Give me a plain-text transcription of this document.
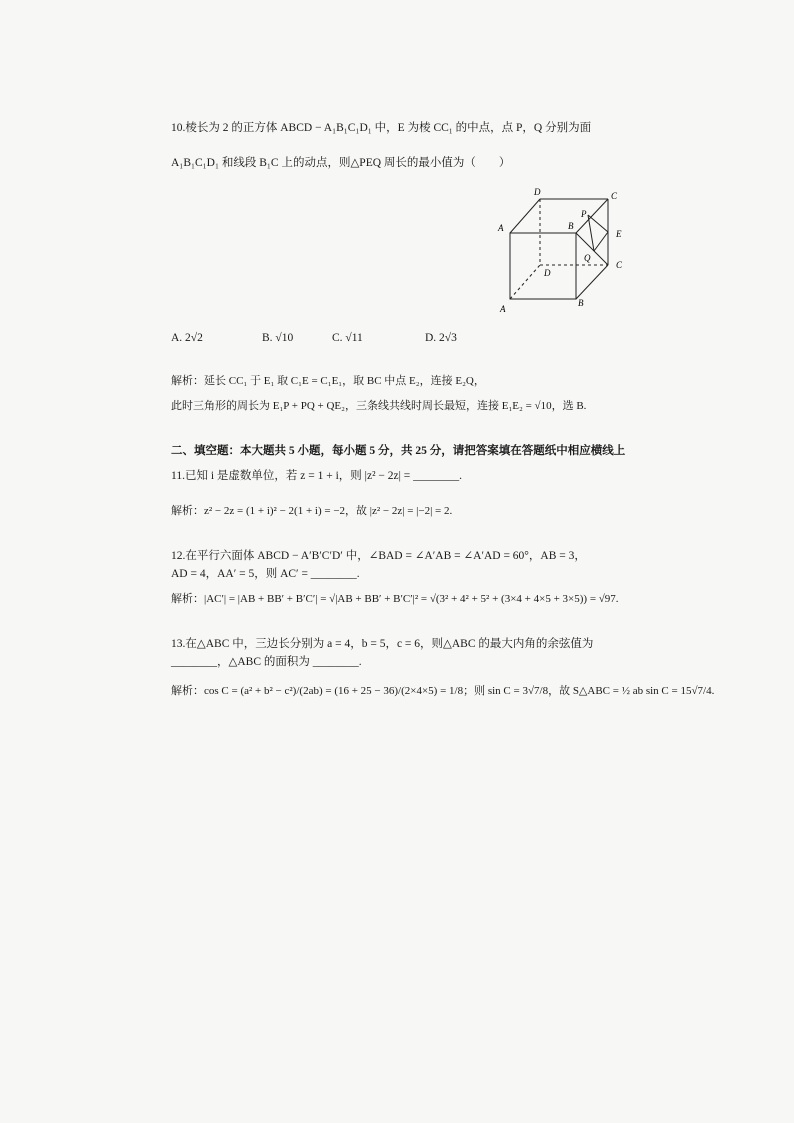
10.棱长为 2 的正方体 ABCD − A₁B₁C₁D₁ 中，E 为棱 CC₁ 的中点，点 P，Q 分别为面
A₁B₁C₁D₁ 和线段 B₁C 上的动点，则△PEQ 周长的最小值为（　　）
D	C
A	B
P
E
Q
C
D
A
B
A. 2√2	B. √10	C. √11	D. 2√3
解析：延长 CC₁ 于 E₁ 取 C₁E = C₁E₁，取 BC 中点 E₂，连接 E₂Q，
此时三角形的周长为 E₁P + PQ + QE₂，三条线共线时周长最短，连接 E₁E₂ = √10，选 B.
二、填空题：本大题共 5 小题，每小题 5 分，共 25 分，请把答案填在答题纸中相应横线上
11.已知 i 是虚数单位，若 z = 1 + i，则 |z² − 2z| = ________.
解析：z² − 2z = (1 + i)² − 2(1 + i) = −2，故 |z² − 2z| = |−2| = 2.
12.在平行六面体 ABCD − A′B′C′D′ 中，∠BAD = ∠A′AB = ∠A′AD = 60°，AB = 3，
AD = 4，AA′ = 5，则 AC′ = ________.
解析：|AC′| = |AB + BB′ + B′C′| = √|AB + BB′ + B′C′|² = √(3² + 4² + 5² + (3×4 + 4×5 + 3×5)) = √97.
13.在△ABC 中，三边长分别为 a = 4，b = 5，c = 6，则△ABC 的最大内角的余弦值为
________，△ABC 的面积为 ________.
解析：cos C = (a² + b² − c²)/(2ab) = (16 + 25 − 36)/(2×4×5) = 1/8；则 sin C = 3√7/8，故 S△ABC = ½ ab sin C = 15√7/4.
